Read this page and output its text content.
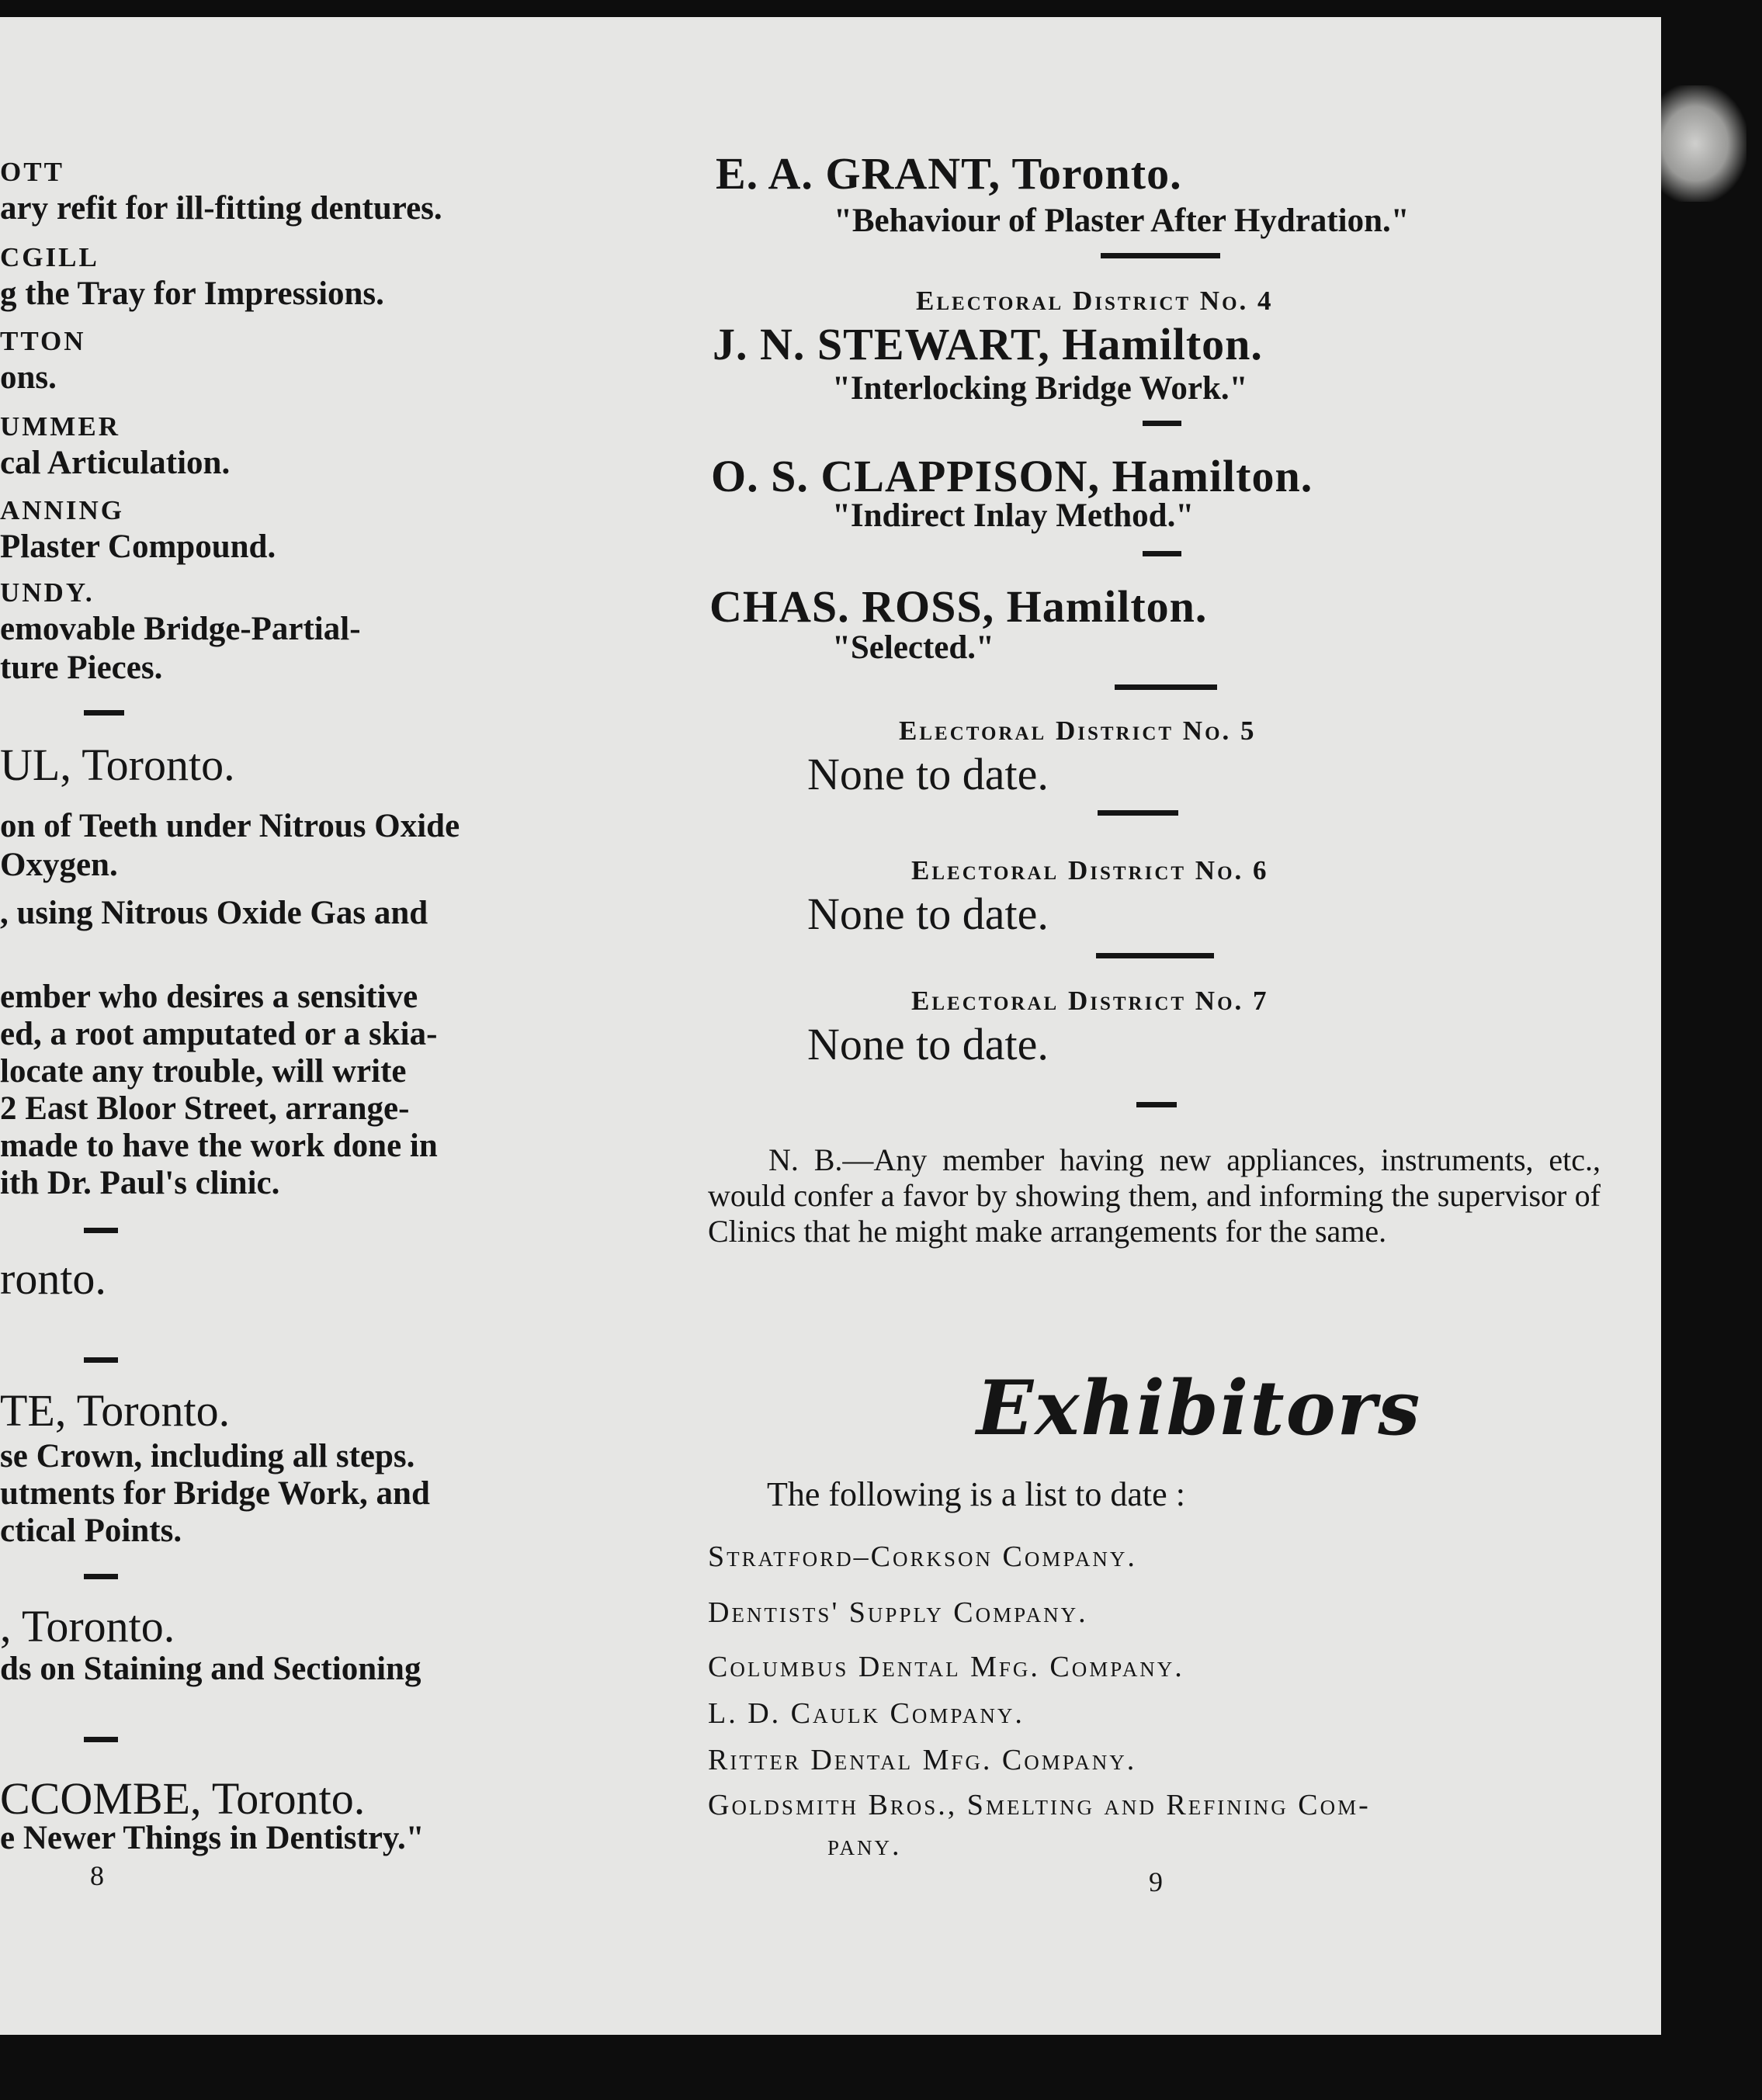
OTT
ary refit for ill-fitting dentures.
CGILL
g the Tray for Impressions.
TTON
ons.
UMMER
cal Articulation.
ANNING
Plaster Compound.
UNDY.
emovable Bridge-Partial-
ture Pieces.
UL, Toronto.
on of Teeth under Nitrous Oxide
Oxygen.
, using Nitrous Oxide Gas and
ember who desires a sensitive
ed, a root amputated or a skia-
locate any trouble, will write
2 East Bloor Street, arrange-
made to have the work done in
ith Dr. Paul's clinic.
ronto.
TE, Toronto.
se Crown, including all steps.
utments for Bridge Work, and
ctical Points.
, Toronto.
ds on Staining and Sectioning
CCOMBE, Toronto.
e Newer Things in Dentistry."
8
E. A. GRANT, Toronto.
"Behaviour of Plaster After Hydration."
Electoral District No. 4
J. N. STEWART, Hamilton.
"Interlocking Bridge Work."
O. S. CLAPPISON, Hamilton.
"Indirect Inlay Method."
CHAS. ROSS, Hamilton.
"Selected."
Electoral District No. 5
None to date.
Electoral District No. 6
None to date.
Electoral District No. 7
None to date.
N. B.—Any member having new appliances, instruments, etc., would confer a favor by showing them, and informing the supervisor of Clinics that he might make arrangements for the same.
Exhibitors
The following is a list to date :
Stratford–Corkson Company.
Dentists' Supply Company.
Columbus Dental Mfg. Company.
L. D. Caulk Company.
Ritter Dental Mfg. Company.
Goldsmith Bros., Smelting and Refining Com-
pany.
9
